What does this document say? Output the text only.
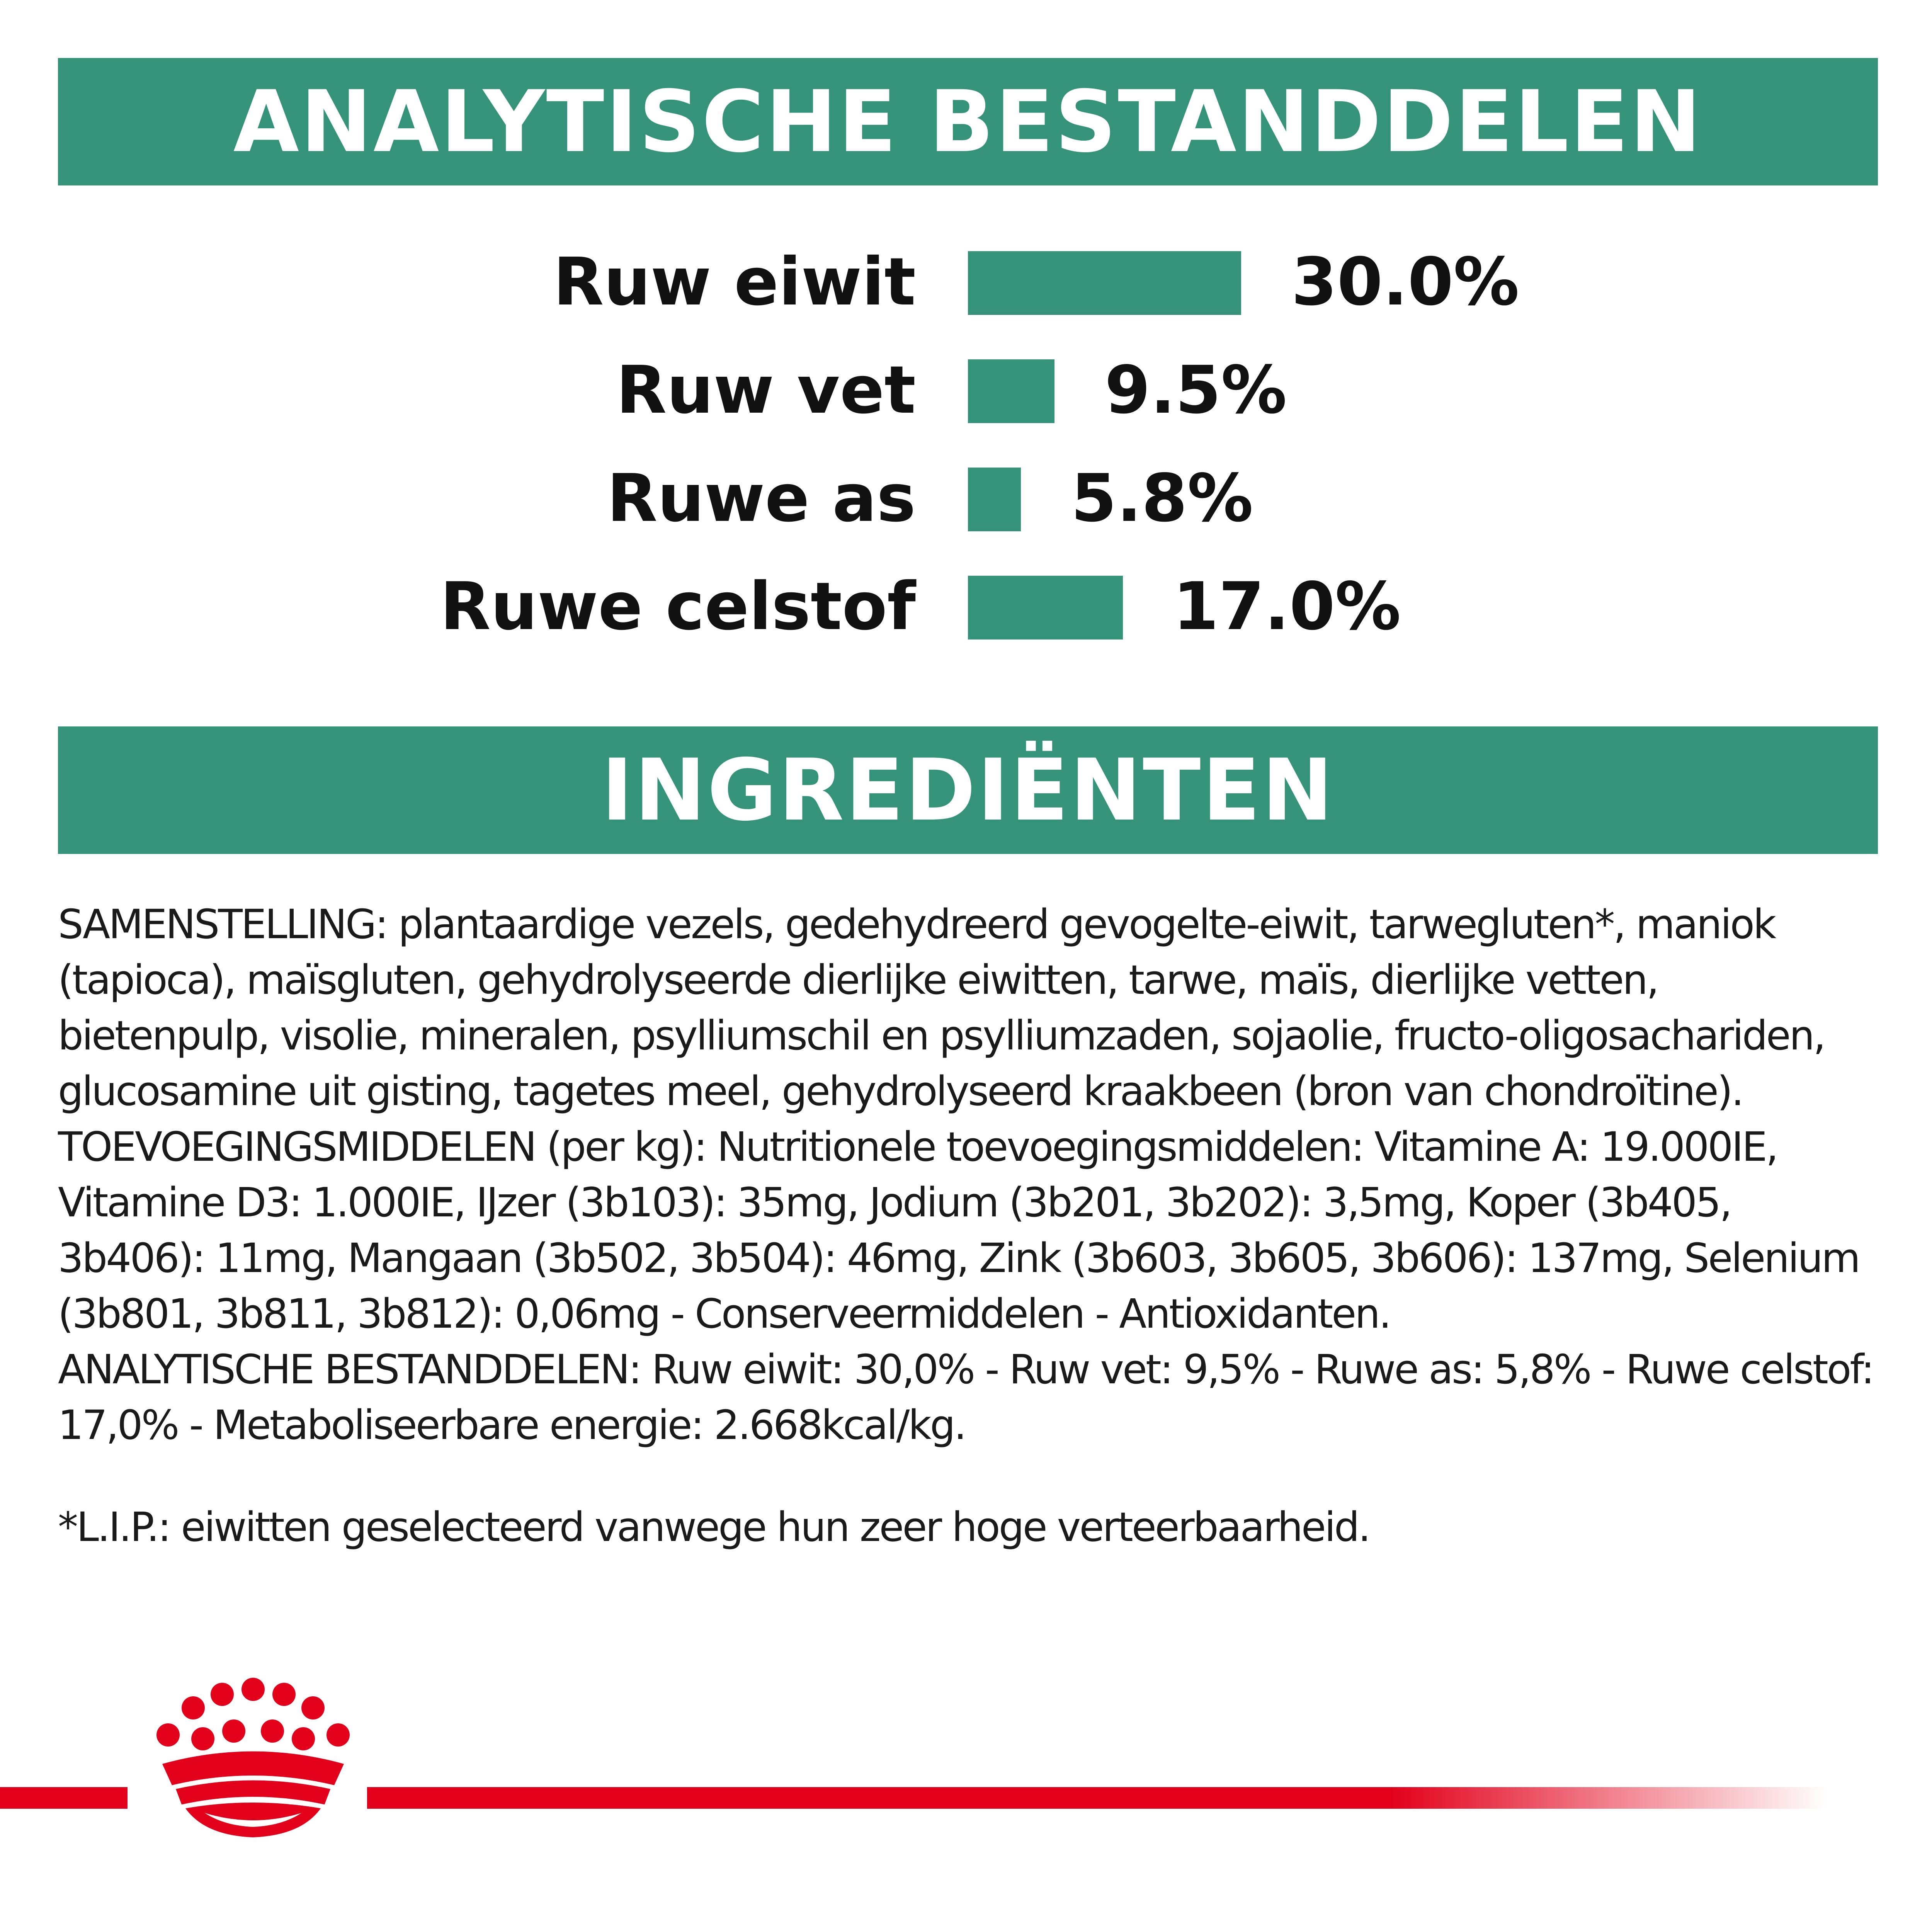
ANALYTISCHE BESTANDDELEN
Ruw eiwit	30.0%
Ruw vet	9.5%
Ruwe as 5.8%
Ruwe celstof	17.0%
INGREDIËNTEN

SAMENSTELLING: plantaardige vezels, gedehydreerd gevogelte-eiwit, tarwegluten*, maniok (tapioca), maïsgluten, gehydrolyseerde dierlijke eiwitten, tarwe, maïs, dierlijke vetten, bietenpulp, visolie, mineralen, psylliumschil en psylliumzaden, sojaolie, fructo-oligosachariden, glucosamine uit gisting, tagetes meel, gehydrolyseerd kraakbeen (bron van chondroïtine).

TOEVOEGINGSMIDDELEN (per kg): Nutritionele toevoegingsmiddelen: Vitamine A: 19.000IE, Vitamine D3: 1.000IE, IJzer (3b103): 35mg, Jodium (3b201, 3b202): 3,5mg, Koper (3b405, 3b406): 11mg, Mangaan (3b502, 3b504): 46mg, Zink (3b603, 3b605, 3b606): 137mg, Selenium (3b801, 3b811, 3b812): 0,06mg - Conserveermiddelen - Antioxidanten.

ANALYTISCHE BESTANDDELEN: Ruw eiwit: 30,0% - Ruw vet: 9,5% - Ruwe as: 5,8% - Ruwe celstof: 17,0% - Metaboliseerbare energie: 2.668kcal/kg.

*L.I.P.: eiwitten geselecteerd vanwege hun zeer hoge verteerbaarheid.
